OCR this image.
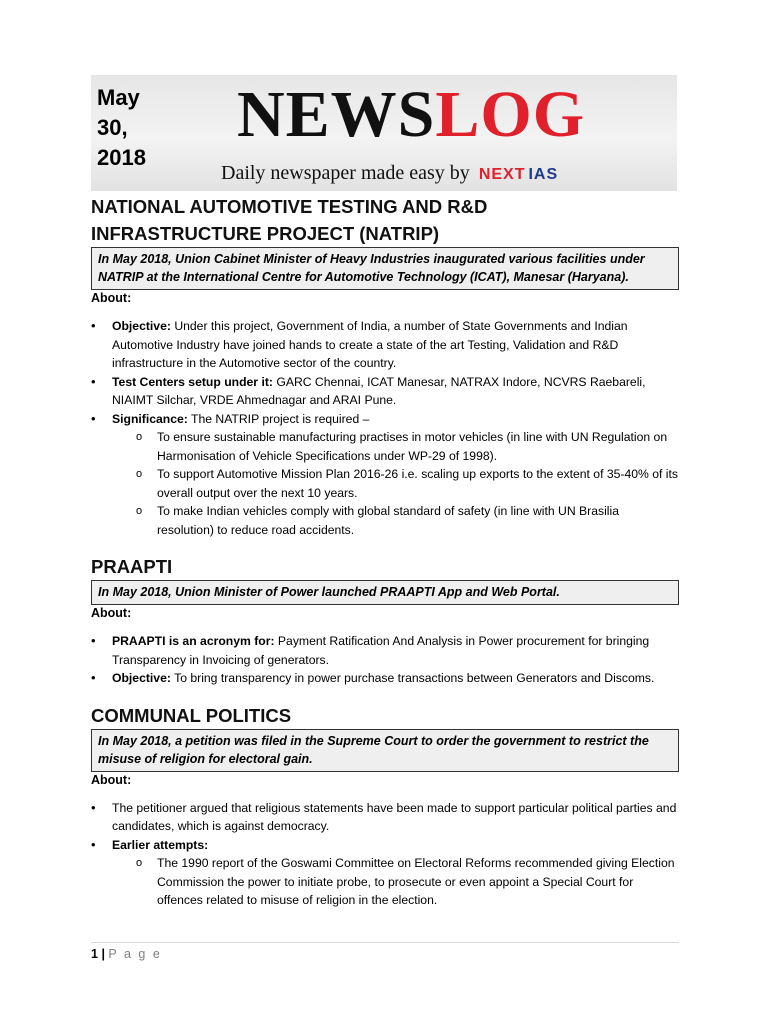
May
30,
2018
NEWSLOG
Daily newspaper made easy by NEXT IAS
NATIONAL AUTOMOTIVE TESTING AND R&D
INFRASTRUCTURE PROJECT (NATRIP)
In May 2018, Union Cabinet Minister of Heavy Industries inaugurated various facilities under NATRIP at the International Centre for Automotive Technology (ICAT), Manesar (Haryana).
About:
• Objective: Under this project, Government of India, a number of State Governments and Indian Automotive Industry have joined hands to create a state of the art Testing, Validation and R&D infrastructure in the Automotive sector of the country.
• Test Centers setup under it: GARC Chennai, ICAT Manesar, NATRAX Indore, NCVRS Raebareli, NIAIMT Silchar, VRDE Ahmednagar and ARAI Pune.
• Significance: The NATRIP project is required –
o To ensure sustainable manufacturing practises in motor vehicles (in line with UN Regulation on Harmonisation of Vehicle Specifications under WP-29 of 1998).
o To support Automotive Mission Plan 2016-26 i.e. scaling up exports to the extent of 35-40% of its overall output over the next 10 years.
o To make Indian vehicles comply with global standard of safety (in line with UN Brasilia resolution) to reduce road accidents.
PRAAPTI
In May 2018, Union Minister of Power launched PRAAPTI App and Web Portal.
About:
• PRAAPTI is an acronym for: Payment Ratification And Analysis in Power procurement for bringing Transparency in Invoicing of generators.
• Objective: To bring transparency in power purchase transactions between Generators and Discoms.
COMMUNAL POLITICS
In May 2018, a petition was filed in the Supreme Court to order the government to restrict the misuse of religion for electoral gain.
About:
• The petitioner argued that religious statements have been made to support particular political parties and candidates, which is against democracy.
• Earlier attempts:
o The 1990 report of the Goswami Committee on Electoral Reforms recommended giving Election Commission the power to initiate probe, to prosecute or even appoint a Special Court for offences related to misuse of religion in the election.
1 | P a g e
